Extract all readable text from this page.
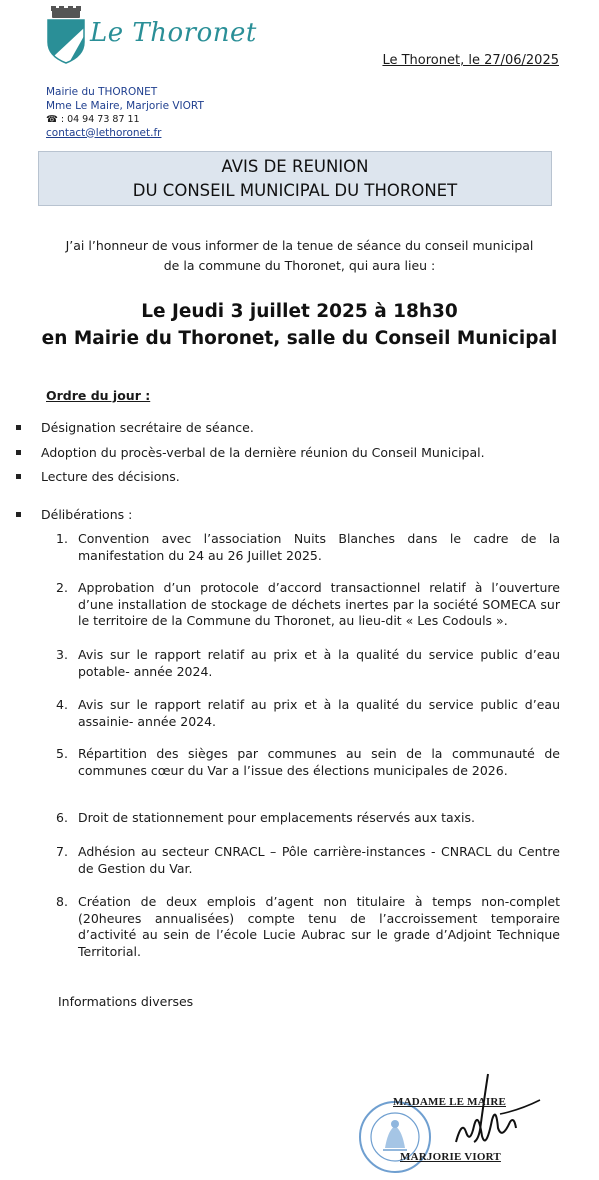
Le Thoronet
Le Thoronet, le 27/06/2025
Mairie du THORONET
Mme Le Maire, Marjorie VIORT
☎ : 04 94 73 87 11
contact@lethoronet.fr
AVIS DE REUNION
DU CONSEIL MUNICIPAL DU THORONET
J’ai l’honneur de vous informer de la tenue de séance du conseil municipal
de la commune du Thoronet, qui aura lieu :
Le Jeudi 3 juillet 2025 à 18h30
en Mairie du Thoronet, salle du Conseil Municipal
Ordre du jour :
Désignation secrétaire de séance.
Adoption du procès-verbal de la dernière réunion du Conseil Municipal.
Lecture des décisions.
Délibérations :
1. Convention avec l’association Nuits Blanches dans le cadre de la manifestation du 24 au 26 Juillet 2025.
2. Approbation d’un protocole d’accord transactionnel relatif à l’ouverture d’une installation de stockage de déchets inertes par la société SOMECA sur le territoire de la Commune du Thoronet, au lieu-dit « Les Codouls ».
3. Avis sur le rapport relatif au prix et à la qualité du service public d’eau potable- année 2024.
4. Avis sur le rapport relatif au prix et à la qualité du service public d’eau assainie- année 2024.
5. Répartition des sièges par communes au sein de la communauté de communes cœur du Var a l’issue des élections municipales de 2026.
6. Droit de stationnement pour emplacements réservés aux taxis.
7. Adhésion au secteur CNRACL – Pôle carrière-instances - CNRACL du Centre de Gestion du Var.
8. Création de deux emplois d’agent non titulaire à temps non-complet (20heures annualisées) compte tenu de l’accroissement temporaire d’activité au sein de l’école Lucie Aubrac sur le grade d’Adjoint Technique Territorial.
Informations diverses
MADAME LE MAIRE
MARJORIE VIORT
